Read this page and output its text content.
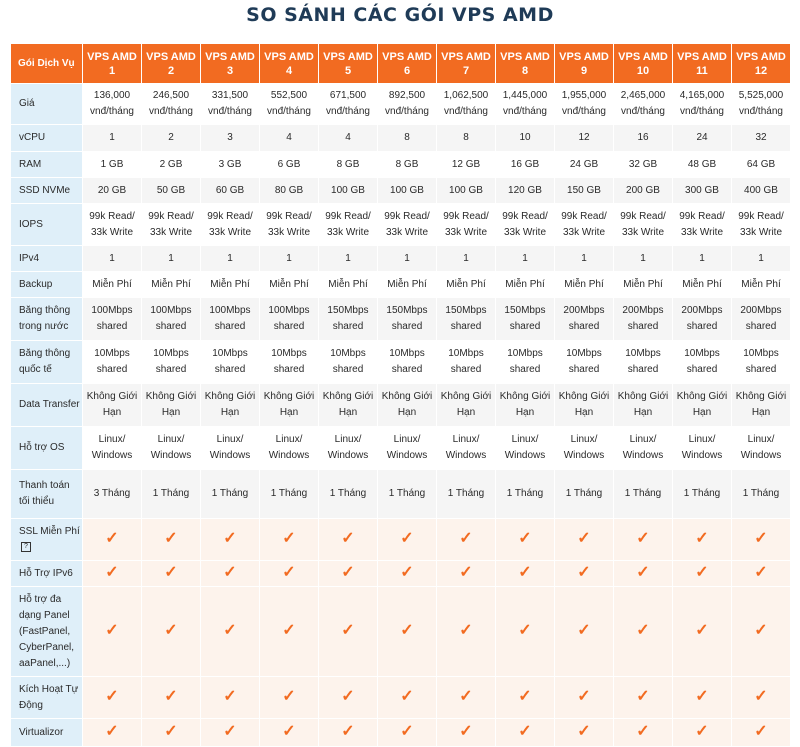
SO SÁNH CÁC GÓI VPS AMD
Gói Dịch Vụ	VPS AMD 1	VPS AMD 2	VPS AMD 3	VPS AMD 4	VPS AMD 5	VPS AMD 6	VPS AMD 7	VPS AMD 8	VPS AMD 9	VPS AMD 10	VPS AMD 11	VPS AMD 12
Giá	136,000 vnđ/tháng	246,500 vnđ/tháng	331,500 vnđ/tháng	552,500 vnđ/tháng	671,500 vnđ/tháng	892,500 vnđ/tháng	1,062,500 vnđ/tháng	1,445,000 vnđ/tháng	1,955,000 vnđ/tháng	2,465,000 vnđ/tháng	4,165,000 vnđ/tháng	5,525,000 vnđ/tháng
vCPU	1	2	3	4	4	8	8	10	12	16	24	32
RAM	1 GB	2 GB	3 GB	6 GB	8 GB	8 GB	12 GB	16 GB	24 GB	32 GB	48 GB	64 GB
SSD NVMe	20 GB	50 GB	60 GB	80 GB	100 GB	100 GB	100 GB	120 GB	150 GB	200 GB	300 GB	400 GB
IOPS	99k Read/ 33k Write	99k Read/ 33k Write	99k Read/ 33k Write	99k Read/ 33k Write	99k Read/ 33k Write	99k Read/ 33k Write	99k Read/ 33k Write	99k Read/ 33k Write	99k Read/ 33k Write	99k Read/ 33k Write	99k Read/ 33k Write	99k Read/ 33k Write
IPv4	1	1	1	1	1	1	1	1	1	1	1	1
Backup	Miễn Phí	Miễn Phí	Miễn Phí	Miễn Phí	Miễn Phí	Miễn Phí	Miễn Phí	Miễn Phí	Miễn Phí	Miễn Phí	Miễn Phí	Miễn Phí
Băng thông trong nước	100Mbps shared	100Mbps shared	100Mbps shared	100Mbps shared	150Mbps shared	150Mbps shared	150Mbps shared	150Mbps shared	200Mbps shared	200Mbps shared	200Mbps shared	200Mbps shared
Băng thông quốc tế	10Mbps shared	10Mbps shared	10Mbps shared	10Mbps shared	10Mbps shared	10Mbps shared	10Mbps shared	10Mbps shared	10Mbps shared	10Mbps shared	10Mbps shared	10Mbps shared
Data Transfer	Không Giới Hạn	Không Giới Hạn	Không Giới Hạn	Không Giới Hạn	Không Giới Hạn	Không Giới Hạn	Không Giới Hạn	Không Giới Hạn	Không Giới Hạn	Không Giới Hạn	Không Giới Hạn	Không Giới Hạn
Hỗ trợ OS	Linux/ Windows	Linux/ Windows	Linux/ Windows	Linux/ Windows	Linux/ Windows	Linux/ Windows	Linux/ Windows	Linux/ Windows	Linux/ Windows	Linux/ Windows	Linux/ Windows	Linux/ Windows
Thanh toán tối thiểu	3 Tháng	1 Tháng	1 Tháng	1 Tháng	1 Tháng	1 Tháng	1 Tháng	1 Tháng	1 Tháng	1 Tháng	1 Tháng	1 Tháng
SSL Miễn Phí?	✓	✓	✓	✓	✓	✓	✓	✓	✓	✓	✓	✓
Hỗ Trợ IPv6	✓	✓	✓	✓	✓	✓	✓	✓	✓	✓	✓	✓
Hỗ trợ đa dạng Panel (FastPanel, CyberPanel, aaPanel,...)	✓	✓	✓	✓	✓	✓	✓	✓	✓	✓	✓	✓
Kích Hoạt Tự Động	✓	✓	✓	✓	✓	✓	✓	✓	✓	✓	✓	✓
Virtualizor	✓	✓	✓	✓	✓	✓	✓	✓	✓	✓	✓	✓
